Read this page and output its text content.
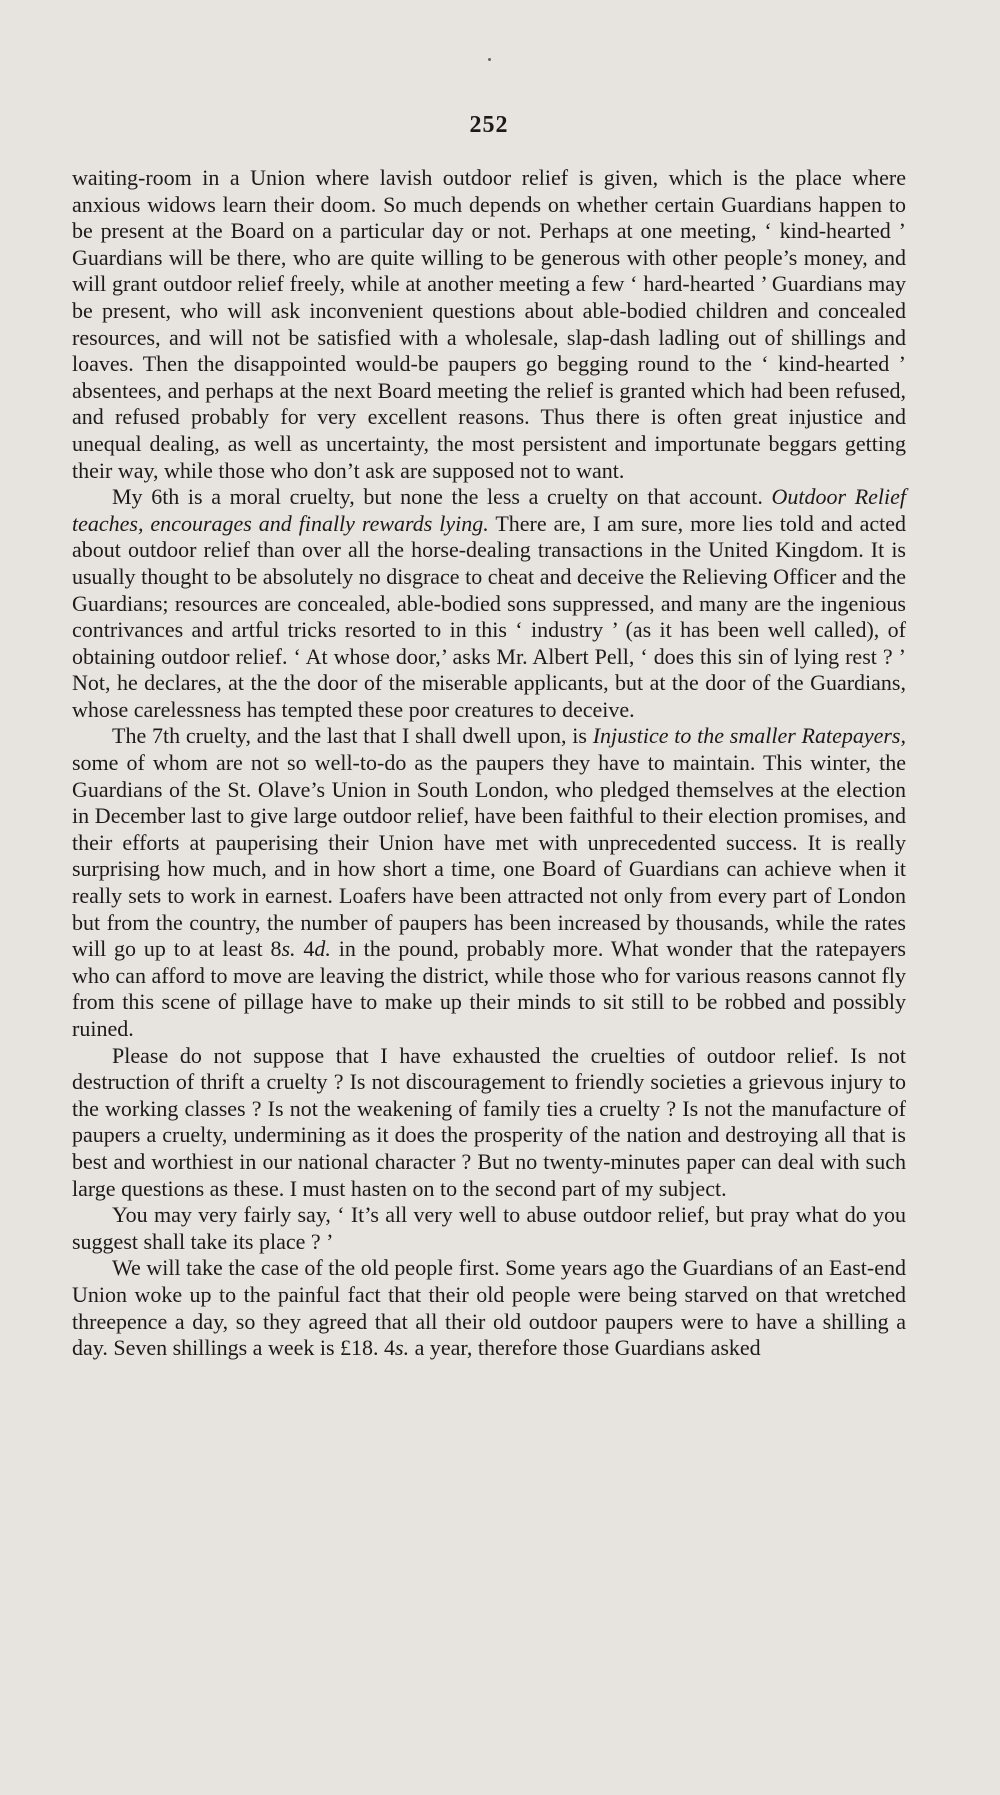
252

waiting-room in a Union where lavish outdoor relief is given, which is the place where anxious widows learn their doom. So much depends on whether certain Guardians happen to be present at the Board on a particular day or not. Perhaps at one meeting, ‘ kind-hearted ’ Guardians will be there, who are quite willing to be generous with other people’s money, and will grant outdoor relief freely, while at another meeting a few ‘ hard-hearted ’ Guardians may be present, who will ask inconvenient questions about able-bodied children and concealed resources, and will not be satisfied with a wholesale, slap-dash ladling out of shillings and loaves. Then the disappointed would-be paupers go begging round to the ‘ kind-hearted ’ absentees, and perhaps at the next Board meeting the relief is granted which had been refused, and refused probably for very excellent reasons. Thus there is often great injustice and unequal dealing, as well as uncertainty, the most persistent and importunate beggars getting their way, while those who don’t ask are supposed not to want.

My 6th is a moral cruelty, but none the less a cruelty on that account. Outdoor Relief teaches, encourages and finally rewards lying. There are, I am sure, more lies told and acted about outdoor relief than over all the horse-dealing transactions in the United Kingdom. It is usually thought to be absolutely no disgrace to cheat and deceive the Relieving Officer and the Guardians; resources are concealed, able-bodied sons suppressed, and many are the ingenious contrivances and artful tricks resorted to in this ‘ industry ’ (as it has been well called), of obtaining outdoor relief. ‘ At whose door,’ asks Mr. Albert Pell, ‘ does this sin of lying rest ? ’ Not, he declares, at the the door of the miserable applicants, but at the door of the Guardians, whose carelessness has tempted these poor creatures to deceive.

The 7th cruelty, and the last that I shall dwell upon, is Injustice to the smaller Ratepayers, some of whom are not so well-to-do as the paupers they have to maintain. This winter, the Guardians of the St. Olave’s Union in South London, who pledged themselves at the election in December last to give large outdoor relief, have been faithful to their election promises, and their efforts at pauperising their Union have met with unprecedented success. It is really surprising how much, and in how short a time, one Board of Guardians can achieve when it really sets to work in earnest. Loafers have been attracted not only from every part of London but from the country, the number of paupers has been increased by thousands, while the rates will go up to at least 8s. 4d. in the pound, probably more. What wonder that the ratepayers who can afford to move are leaving the district, while those who for various reasons cannot fly from this scene of pillage have to make up their minds to sit still to be robbed and possibly ruined.

Please do not suppose that I have exhausted the cruelties of outdoor relief. Is not destruction of thrift a cruelty ? Is not discouragement to friendly societies a grievous injury to the working classes ? Is not the weakening of family ties a cruelty ? Is not the manufacture of paupers a cruelty, undermining as it does the prosperity of the nation and destroying all that is best and worthiest in our national character ? But no twenty-minutes paper can deal with such large questions as these. I must hasten on to the second part of my subject.

You may very fairly say, ‘ It’s all very well to abuse outdoor relief, but pray what do you suggest shall take its place ? ’

We will take the case of the old people first. Some years ago the Guardians of an East-end Union woke up to the painful fact that their old people were being starved on that wretched threepence a day, so they agreed that all their old outdoor paupers were to have a shilling a day. Seven shillings a week is £18. 4s. a year, therefore those Guardians asked
